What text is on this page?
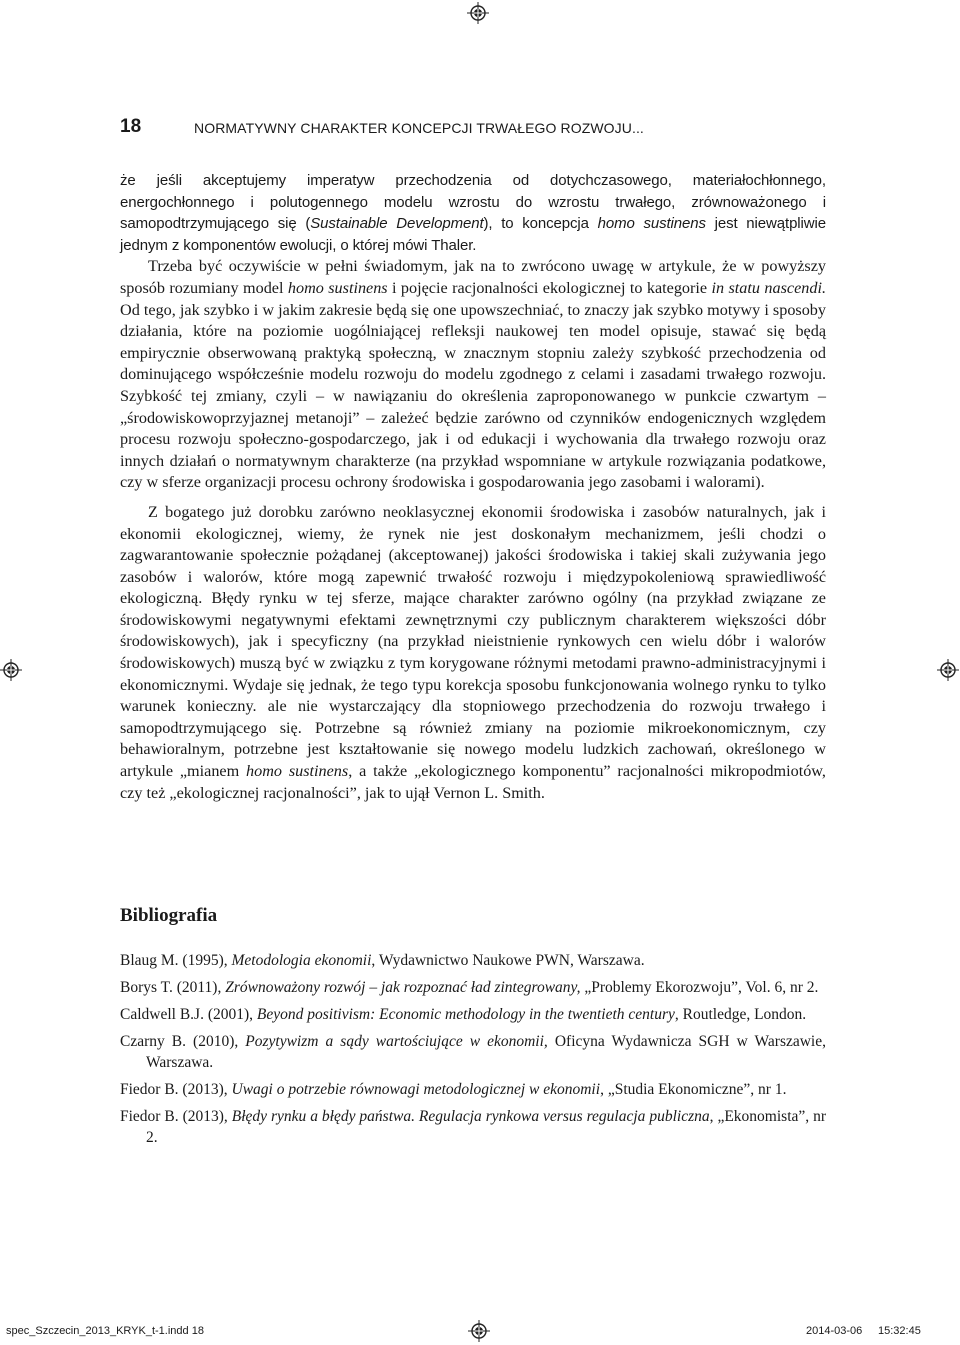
18	NORMATYWNY CHARAKTER KONCEPCJI TRWAŁEGO ROZWOJU...

że jeśli akceptujemy imperatyw przechodzenia od dotychczasowego, materiałochłonnego, energochłonnego i polutogennego modelu wzrostu do wzrostu trwałego, zrównoważonego i samopodtrzymującego się (Sustainable Development), to koncepcja homo sustinens jest niewątpliwie jednym z komponentów ewolucji, o której mówi Thaler.

Trzeba być oczywiście w pełni świadomym, jak na to zwrócono uwagę w artykule, że w powyższy sposób rozumiany model homo sustinens i pojęcie racjonalności ekologicznej to kategorie in statu nascendi. Od tego, jak szybko i w jakim zakresie będą się one upowszechniać, to znaczy jak szybko motywy i sposoby działania, które na poziomie uogólniającej refleksji naukowej ten model opisuje, stawać się będą empirycznie obserwowaną praktyką społeczną, w znacznym stopniu zależy szybkość przechodzenia od dominującego współcześnie modelu rozwoju do modelu zgodnego z celami i zasadami trwałego rozwoju. Szybkość tej zmiany, czyli – w nawiązaniu do określenia zaproponowanego w punkcie czwartym – „środowiskowoprzyjaznej metanoji” – zależeć będzie zarówno od czynników endogenicznych względem procesu rozwoju społeczno-gospodarczego, jak i od edukacji i wychowania dla trwałego rozwoju oraz innych działań o normatywnym charakterze (na przykład wspomniane w artykule rozwiązania podatkowe, czy w sferze organizacji procesu ochrony środowiska i gospodarowania jego zasobami i walorami).

Z bogatego już dorobku zarówno neoklasycznej ekonomii środowiska i zasobów naturalnych, jak i ekonomii ekologicznej, wiemy, że rynek nie jest doskonałym mechanizmem, jeśli chodzi o zagwarantowanie społecznie pożądanej (akceptowanej) jakości środowiska i takiej skali zużywania jego zasobów i walorów, które mogą zapewnić trwałość rozwoju i międzypokoleniową sprawiedliwość ekologiczną. Błędy rynku w tej sferze, mające charakter zarówno ogólny (na przykład związane ze środowiskowymi negatywnymi efektami zewnętrznymi czy publicznym charakterem większości dóbr środowiskowych), jak i specyficzny (na przykład nieistnienie rynkowych cen wielu dóbr i walorów środowiskowych) muszą być w związku z tym korygowane różnymi metodami prawno-administracyjnymi i ekonomicznymi. Wydaje się jednak, że tego typu korekcja sposobu funkcjonowania wolnego rynku to tylko warunek konieczny. ale nie wystarczający dla stopniowego przechodzenia do rozwoju trwałego i samopodtrzymującego się. Potrzebne są również zmiany na poziomie mikroekonomicznym, czy behawioralnym, potrzebne jest kształtowanie się nowego modelu ludzkich zachowań, określonego w artykule „mianem homo sustinens, a także „ekologicznego komponentu” racjonalności mikropodmiotów, czy też „ekologicznej racjonalności”, jak to ujął Vernon L. Smith.

Bibliografia
Blaug M. (1995), Metodologia ekonomii, Wydawnictwo Naukowe PWN, Warszawa.
Borys T. (2011), Zrównoważony rozwój – jak rozpoznać ład zintegrowany, „Problemy Ekorozwoju”, Vol. 6, nr 2.
Caldwell B.J. (2001), Beyond positivism: Economic methodology in the twentieth century, Routledge, London.
Czarny B. (2010), Pozytywizm a sądy wartościujące w ekonomii, Oficyna Wydawnicza SGH w Warszawie, Warszawa.
Fiedor B. (2013), Uwagi o potrzebie równowagi metodologicznej w ekonomii, „Studia Ekonomiczne”, nr 1.
Fiedor B. (2013), Błędy rynku a błędy państwa. Regulacja rynkowa versus regulacja publiczna, „Ekonomista”, nr 2.
spec_Szczecin_2013_KRYK_t-1.indd 18	2014-03-06 15:32:45
